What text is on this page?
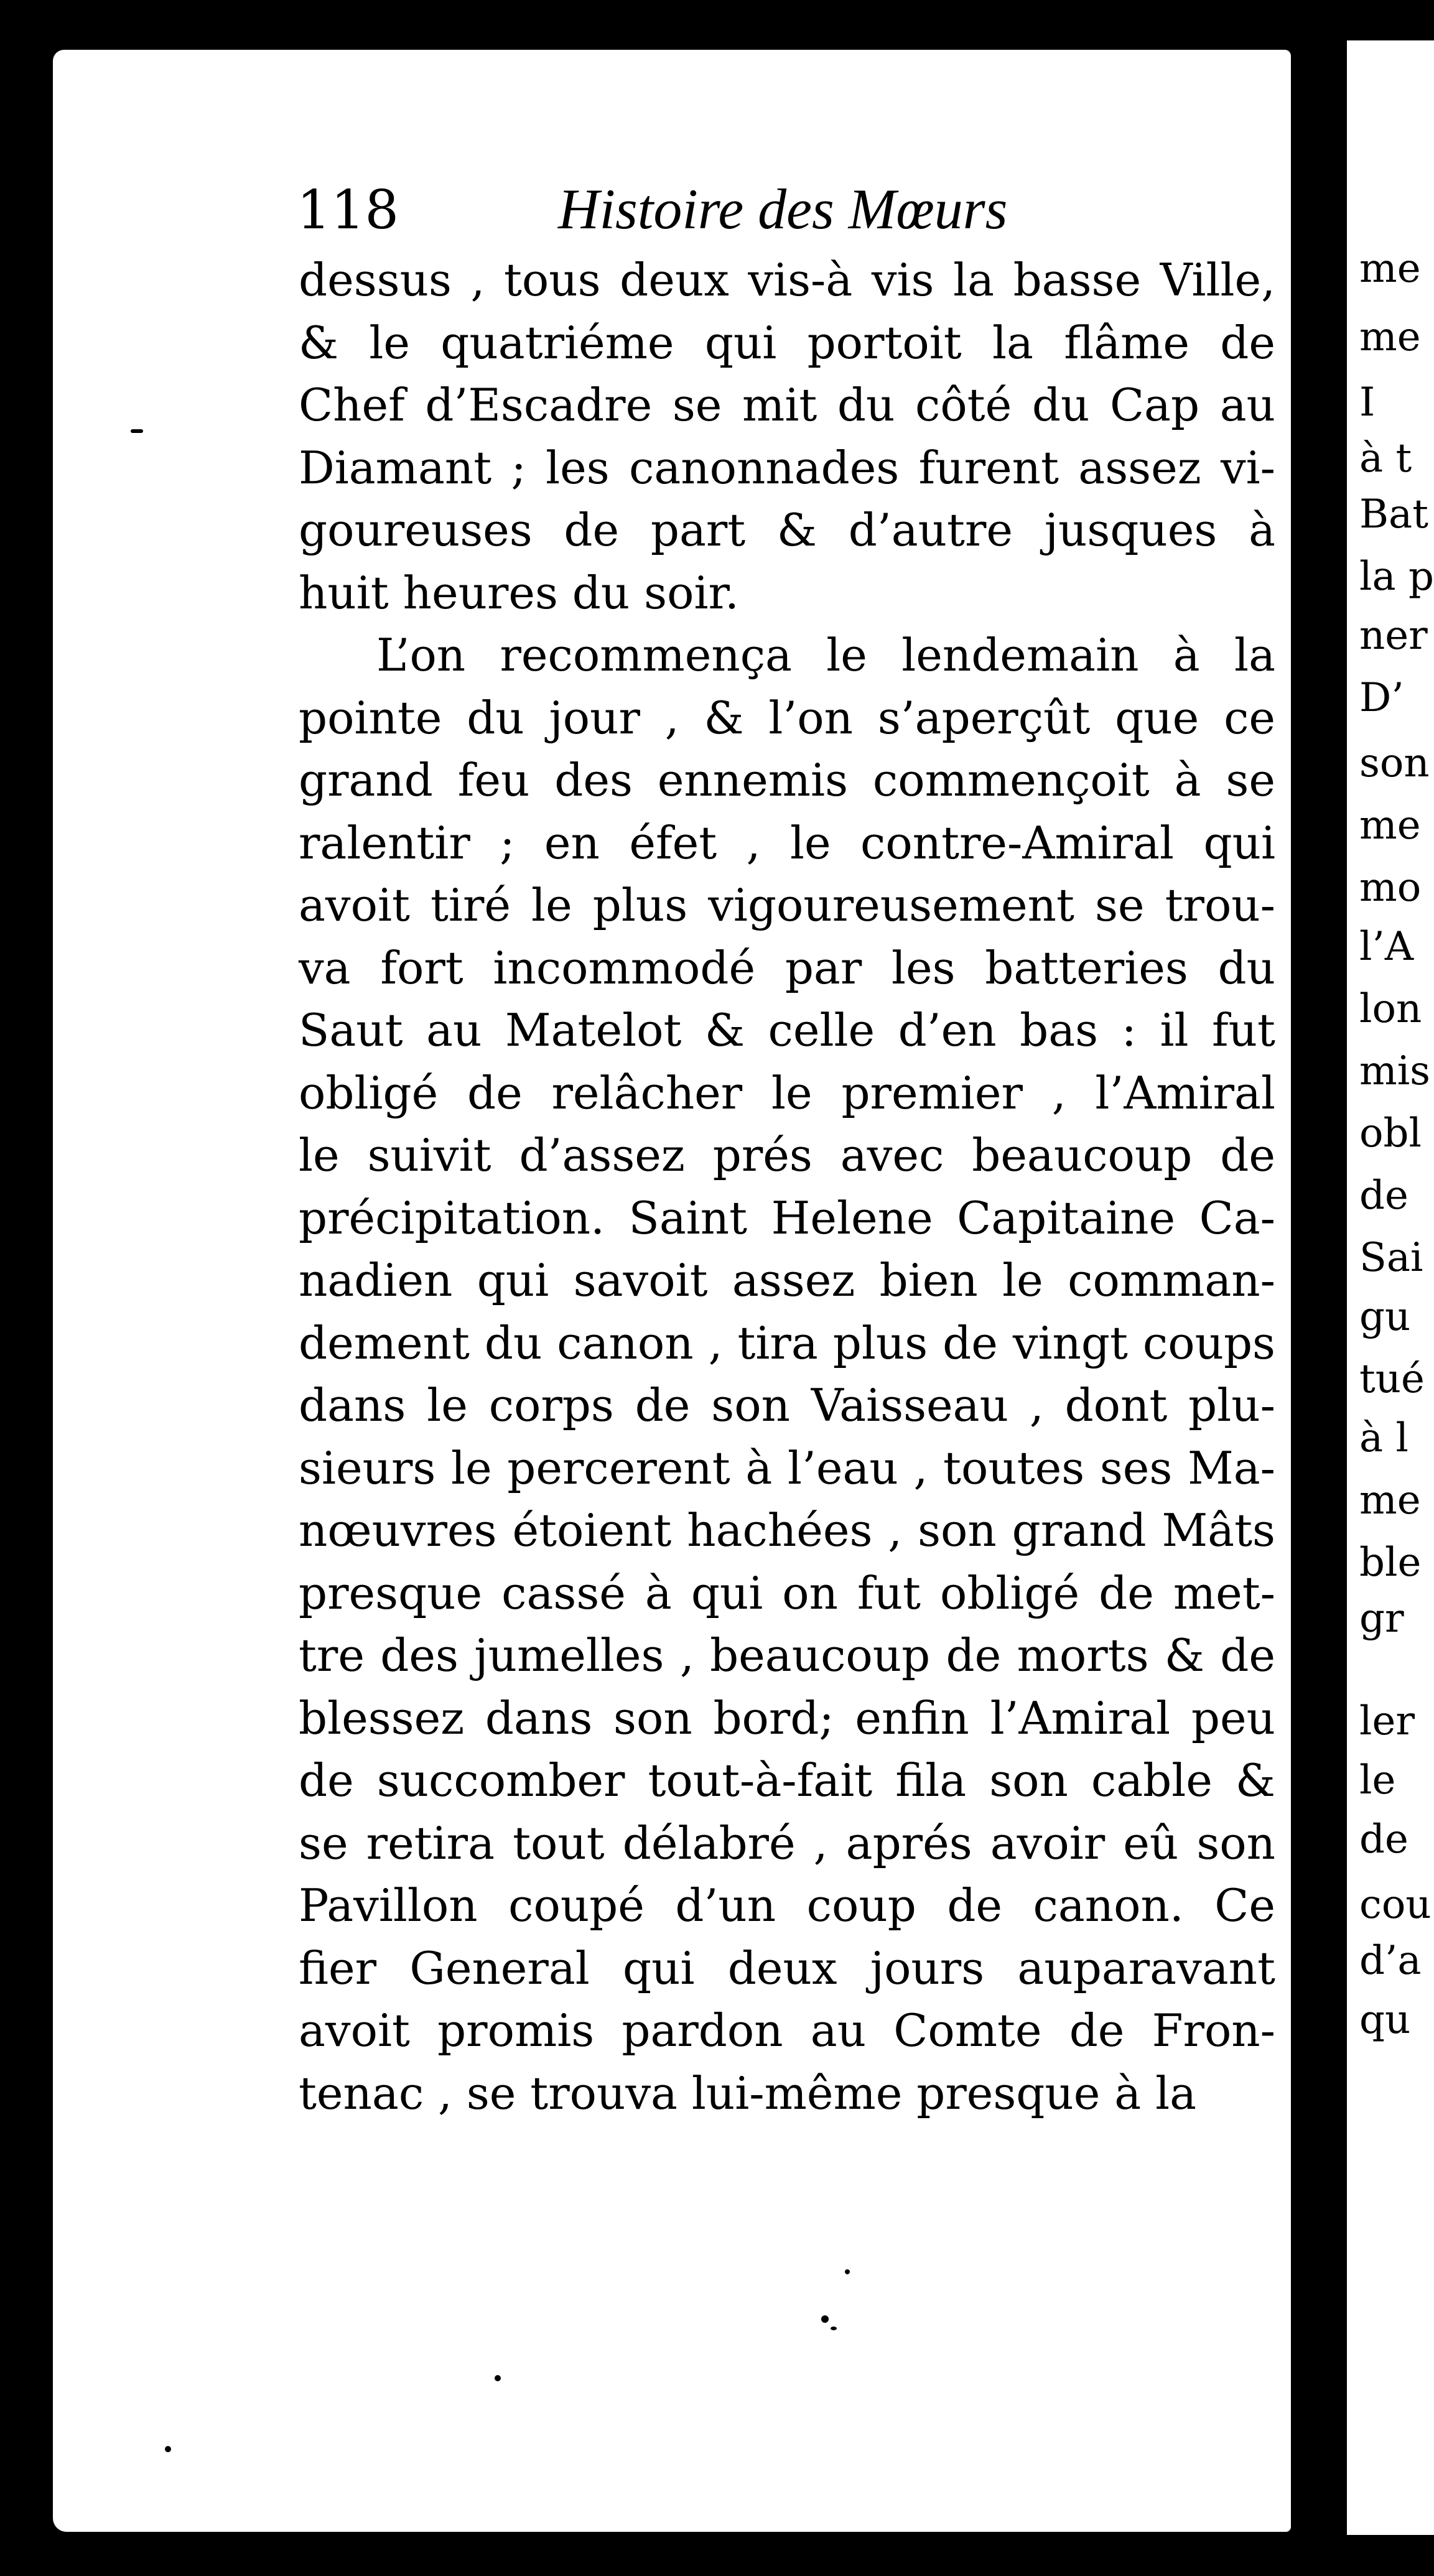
118	Histoire des Mœurs
dessus , tous deux vis-à vis la basse Ville,
& le quatriéme qui portoit la flâme de
Chef d’Escadre se mit du côté du Cap au
Diamant ; les canonnades furent assez vi-
goureuses de part & d’autre jusques à
huit heures du soir.
L’on recommença le lendemain à la
pointe du jour , & l’on s’aperçût que ce
grand feu des ennemis commençoit à se
ralentir ; en éfet , le contre-Amiral qui
avoit tiré le plus vigoureusement se trou-
va fort incommodé par les batteries du
Saut au Matelot & celle d’en bas : il fut
obligé de relâcher le premier , l’Amiral
le suivit d’assez prés avec beaucoup de
précipitation. Saint Helene Capitaine Ca-
nadien qui savoit assez bien le comman-
dement du canon , tira plus de vingt coups
dans le corps de son Vaisseau , dont plu-
sieurs le percerent à l’eau , toutes ses Ma-
nœuvres étoient hachées , son grand Mâts
presque cassé à qui on fut obligé de met-
tre des jumelles , beaucoup de morts & de
blessez dans son bord; enfin l’Amiral peu
de succomber tout-à-fait fila son cable &
se retira tout délabré , aprés avoir eû son
Pavillon coupé d’un coup de canon. Ce
fier General qui deux jours auparavant
avoit promis pardon au Comte de Fron-
tenac , se trouva lui-même presque à la
me
me
I
à t
Bat
la p
ner
D’
son
me
mo
l’A
lon
mis
obl
de
Sai
gu
tué
à l
me
ble
gr
ler
le
de
cou
d’a
qu
